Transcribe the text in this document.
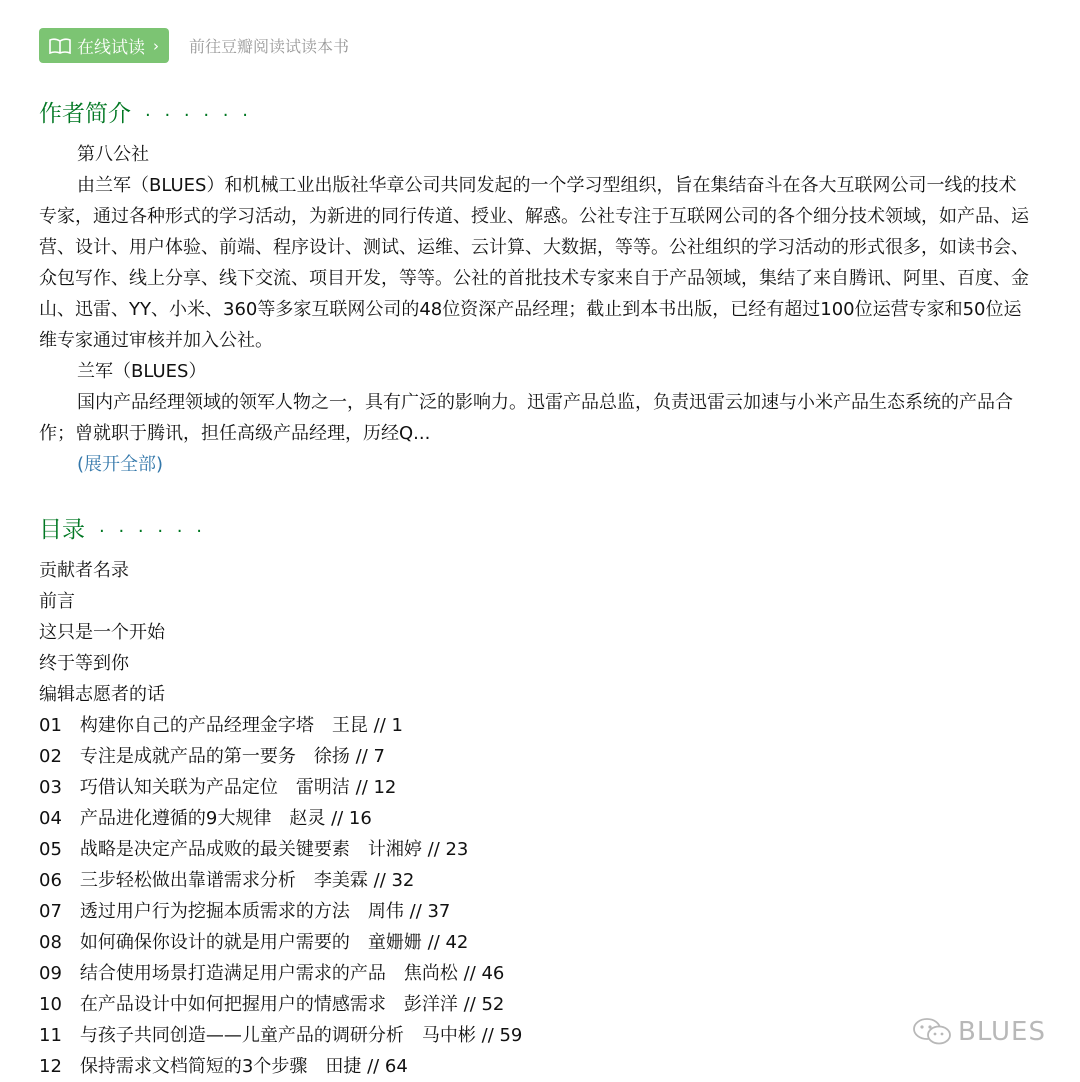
在线试读 › 前往豆瓣阅读试读本书
作者简介 · · · · · ·

第八公社

由兰军（BLUES）和机械工业出版社华章公司共同发起的一个学习型组织，旨在集结奋斗在各大互联网公司一线的技术专家，通过各种形式的学习活动，为新进的同行传道、授业、解惑。公社专注于互联网公司的各个细分技术领域，如产品、运营、设计、用户体验、前端、程序设计、测试、运维、云计算、大数据，等等。公社组织的学习活动的形式很多，如读书会、众包写作、线上分享、线下交流、项目开发，等等。公社的首批技术专家来自于产品领域，集结了来自腾讯、阿里、百度、金山、迅雷、YY、小米、360等多家互联网公司的48位资深产品经理；截止到本书出版，已经有超过100位运营专家和50位运维专家通过审核并加入公社。

兰军（BLUES）

国内产品经理领域的领军人物之一，具有广泛的影响力。迅雷产品总监，负责迅雷云加速与小米产品生态系统的产品合作；曾就职于腾讯，担任高级产品经理，历经Q...

(展开全部)
目录 · · · · · ·
贡献者名录
前言
这只是一个开始
终于等到你
编辑志愿者的话
01　构建你自己的产品经理金字塔　王昆 // 1
02　专注是成就产品的第一要务　徐扬 // 7
03　巧借认知关联为产品定位　雷明洁 // 12
04　产品进化遵循的9大规律　赵灵 // 16
05　战略是决定产品成败的最关键要素　计湘婷 // 23
06　三步轻松做出靠谱需求分析　李美霖 // 32
07　透过用户行为挖掘本质需求的方法　周伟 // 37
08　如何确保你设计的就是用户需要的　童姗姗 // 42
09　结合使用场景打造满足用户需求的产品　焦尚松 // 46
10　在产品设计中如何把握用户的情感需求　彭洋洋 // 52
11　与孩子共同创造——儿童产品的调研分析　马中彬 // 59
12　保持需求文档简短的3个步骤　田捷 // 64
BLUES
